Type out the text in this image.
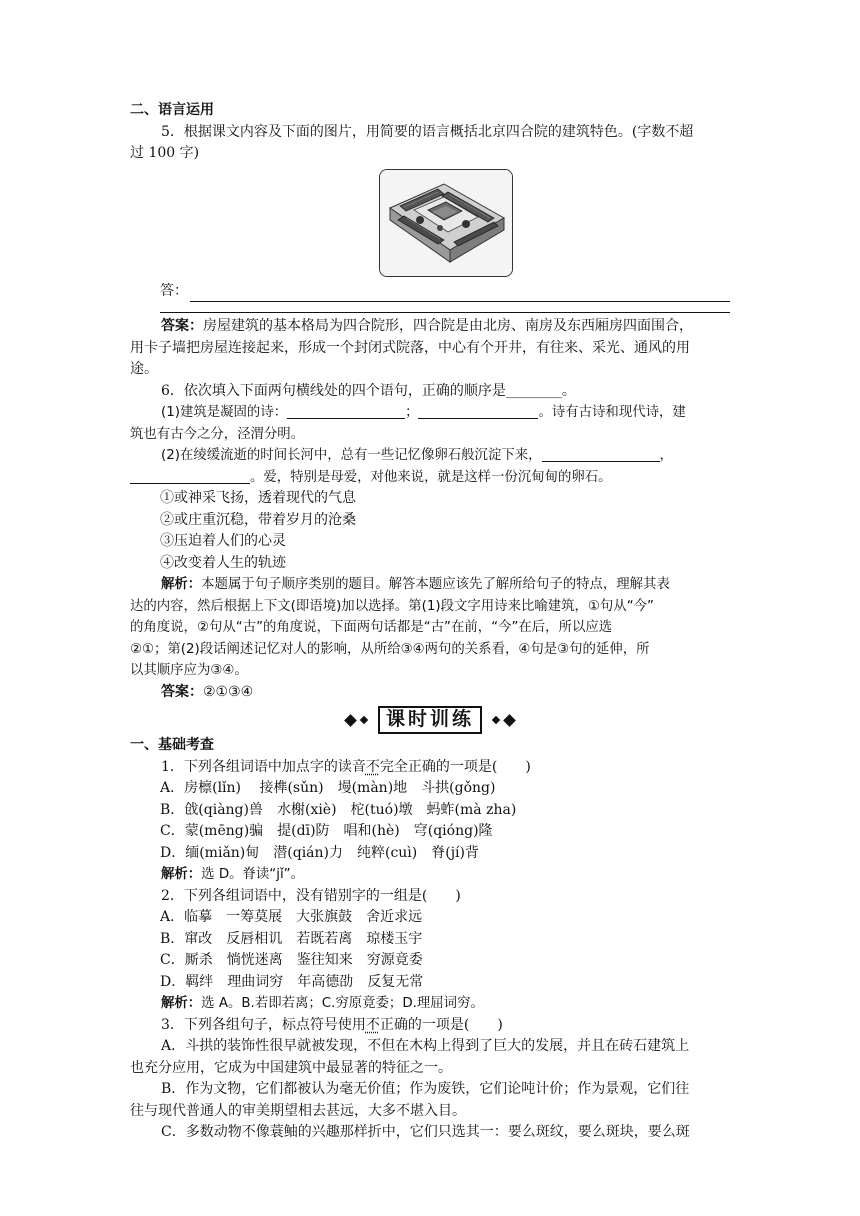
二、语言运用
5．根据课文内容及下面的图片，用简要的语言概括北京四合院的建筑特色。(字数不超
过 100 字)
答：
答案：房屋建筑的基本格局为四合院形，四合院是由北房、南房及东西厢房四面围合，
用卡子墙把房屋连接起来，形成一个封闭式院落，中心有个开井，有往来、采光、通风的用
途。
6．依次填入下面两句横线处的四个语句，正确的顺序是________。
(1)建筑是凝固的诗：	；	。诗有古诗和现代诗，建
筑也有古今之分，泾渭分明。
(2)在绫缓流逝的时间长河中，总有一些记忆像卵石般沉淀下来，	，
。爱，特别是母爱，对他来说，就是这样一份沉甸甸的卵石。
①或神采飞扬，透着现代的气息
②或庄重沉稳，带着岁月的沧桑
③压迫着人们的心灵
④改变着人生的轨迹
解析：本题属于句子顺序类别的题目。解答本题应该先了解所给句子的特点，理解其表
达的内容，然后根据上下文(即语境)加以选择。第(1)段文字用诗来比喻建筑，①句从“今”
的角度说，②句从“古”的角度说，下面两句话都是“古”在前，“今”在后，所以应选
②①；第(2)段话阐述记忆对人的影响，从所给③④两句的关系看，④句是③句的延伸，所
以其顺序应为③④。
答案：②①③④
课时训练
一、基础考查
1．下列各组词语中加点字的读音不完全正确的一项是(　　)
A．房檩(lǐn)　 接榫(sǔn)　墁(màn)地　斗拱(gǒng)
B．戗(qiàng)兽　水榭(xiè)　柁(tuó)墩　蚂蚱(mà zha)
C．蒙(mēng)骗　提(dī)防　唱和(hè)　穹(qióng)隆
D．缅(miǎn)甸　潜(qián)力　纯粹(cuì)　脊(jí)背
解析：选 D。脊读“jǐ”。
2．下列各组词语中，没有错别字的一组是(　　)
A．临摹　一筹莫展　大张旗鼓　舍近求远
B．窜改　反唇相讥　若既若离　琼楼玉宇
C．厮杀　惝恍迷离　鉴往知来　穷源竟委
D．羁绊　理曲词穷　年高德劭　反复无常
解析：选 A。B.若即若离；C.穷原竟委；D.理屈词穷。
3．下列各组句子，标点符号使用不正确的一项是(　　)
A．斗拱的装饰性很早就被发现，不但在木构上得到了巨大的发展，并且在砖石建筑上
也充分应用，它成为中国建筑中最显著的特征之一。
B．作为文物，它们都被认为毫无价值；作为废铁，它们论吨计价；作为景观，它们往
往与现代普通人的审美期望相去甚远，大多不堪入目。
C．多数动物不像蓑鲉的兴趣那样折中，它们只选其一：要么斑纹，要么斑块，要么斑
